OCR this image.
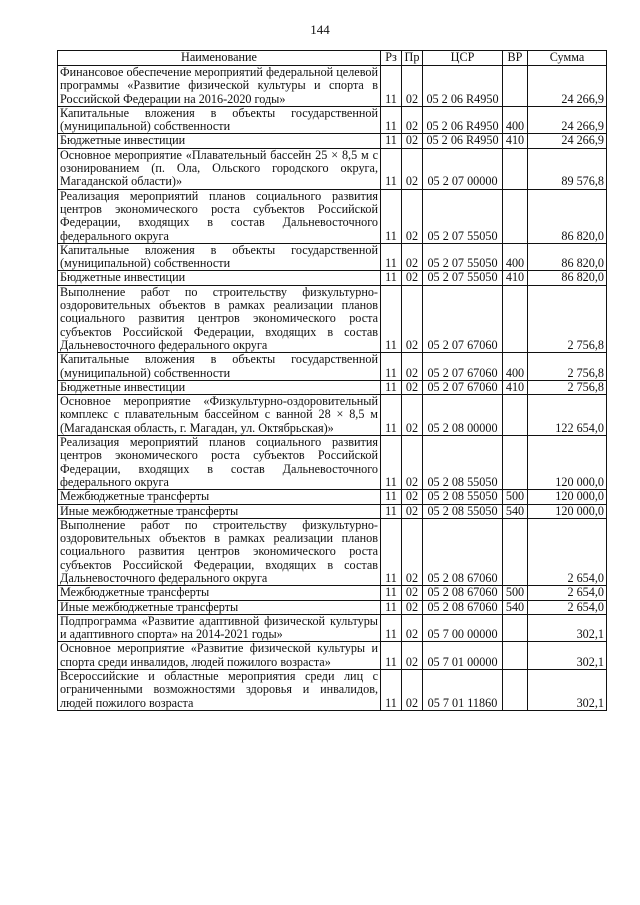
144
Наименование	Рз	Пр	ЦСР	ВР	Сумма
Финансовое обеспечение мероприятий федеральной целевой программы «Развитие физической культуры и спорта в Российской Федерации на 2016-2020 годы»	11	02	05 2 06 R4950		24 266,9
Капитальные вложения в объекты государственной (муниципальной) собственности	11	02	05 2 06 R4950	400	24 266,9
Бюджетные инвестиции	11	02	05 2 06 R4950	410	24 266,9
Основное мероприятие «Плавательный бассейн 25 × 8,5 м с озонированием (п. Ола, Ольского городского округа, Магаданской области)»	11	02	05 2 07 00000		89 576,8
Реализация мероприятий планов социального развития центров экономического роста субъектов Российской Федерации, входящих в состав Дальневосточного федерального округа	11	02	05 2 07 55050		86 820,0
Капитальные вложения в объекты государственной (муниципальной) собственности	11	02	05 2 07 55050	400	86 820,0
Бюджетные инвестиции	11	02	05 2 07 55050	410	86 820,0
Выполнение работ по строительству физкультурно-оздоровительных объектов в рамках реализации планов социального развития центров экономического роста субъектов Российской Федерации, входящих в состав Дальневосточного федерального округа	11	02	05 2 07 67060		2 756,8
Капитальные вложения в объекты государственной (муниципальной) собственности	11	02	05 2 07 67060	400	2 756,8
Бюджетные инвестиции	11	02	05 2 07 67060	410	2 756,8
Основное мероприятие «Физкультурно-оздоровительный комплекс с плавательным бассейном с ванной 28 × 8,5 м (Магаданская область, г. Магадан, ул. Октябрьская)»	11	02	05 2 08 00000		122 654,0
Реализация мероприятий планов социального развития центров экономического роста субъектов Российской Федерации, входящих в состав Дальневосточного федерального округа	11	02	05 2 08 55050		120 000,0
Межбюджетные трансферты	11	02	05 2 08 55050	500	120 000,0
Иные межбюджетные трансферты	11	02	05 2 08 55050	540	120 000,0
Выполнение работ по строительству физкультурно-оздоровительных объектов в рамках реализации планов социального развития центров экономического роста субъектов Российской Федерации, входящих в состав Дальневосточного федерального округа	11	02	05 2 08 67060		2 654,0
Межбюджетные трансферты	11	02	05 2 08 67060	500	2 654,0
Иные межбюджетные трансферты	11	02	05 2 08 67060	540	2 654,0
Подпрограмма «Развитие адаптивной физической культуры и адаптивного спорта» на 2014-2021 годы»	11	02	05 7 00 00000		302,1
Основное мероприятие «Развитие физической культуры и спорта среди инвалидов, людей пожилого возраста»	11	02	05 7 01 00000		302,1
Всероссийские и областные мероприятия среди лиц с ограниченными возможностями здоровья и инвалидов, людей пожилого возраста	11	02	05 7 01 11860		302,1
